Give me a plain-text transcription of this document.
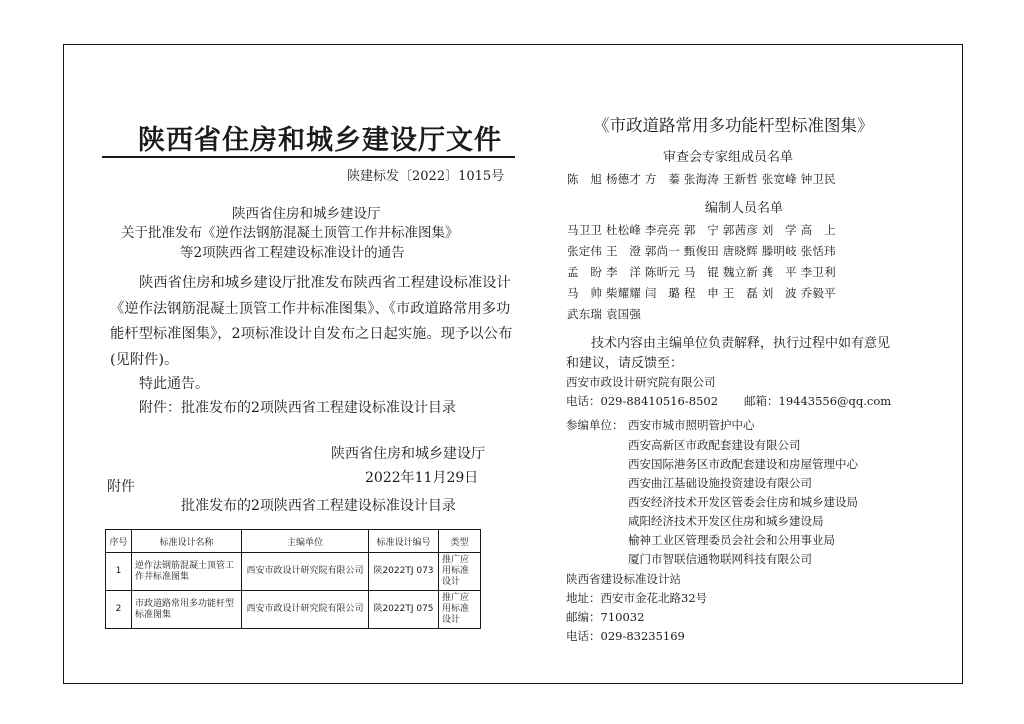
陕西省住房和城乡建设厅文件
陕建标发〔2022〕1015号
陕西省住房和城乡建设厅
关于批准发布《逆作法钢筋混凝土顶管工作井标准图集》
等2项陕西省工程建设标准设计的通告
陕西省住房和城乡建设厅批准发布陕西省工程建设标准设计《逆作法钢筋混凝土顶管工作井标准图集》、《市政道路常用多功能杆型标准图集》，2项标准设计自发布之日起实施。现予以公布(见附件)。
特此通告。
附件：批准发布的2项陕西省工程建设标准设计目录
陕西省住房和城乡建设厅
2022年11月29日
附件
批准发布的2项陕西省工程建设标准设计目录
序号	标准设计名称	主编单位	标准设计编号	类型
1	逆作法钢筋混凝土顶管工作井标准图集	西安市政设计研究院有限公司	陕2022TJ 073	推广应用标准设计
2	市政道路常用多功能杆型标准图集	西安市政设计研究院有限公司	陕2022TJ 075	推广应用标准设计
《市政道路常用多功能杆型标准图集》
审查会专家组成员名单
陈　旭 杨德才 方　蓁 张海涛 王新哲 张宽峰 钟卫民
编制人员名单
马卫卫 杜松峰 李亮亮 郭　宁 郭茜彦 刘　学 高　上
张定伟 王　澄 郭尚一 甄俊田 唐晓辉 滕明岐 张恬玮
孟　盼 李　洋 陈昕元 马　锟 魏立新 龚　平 李卫利
马　帅 柴耀耀 闫　璐 程　申 王　磊 刘　波 乔毅平
武东瑞 袁国强
技术内容由主编单位负责解释，执行过程中如有意见
和建议，请反馈至：
西安市政设计研究院有限公司
电话：029-88410516-8502 邮箱：19443556@qq.com
参编单位： 西安市城市照明管护中心
西安高新区市政配套建设有限公司
西安国际港务区市政配套建设和房屋管理中心
西安曲江基础设施投资建设有限公司
西安经济技术开发区管委会住房和城乡建设局
咸阳经济技术开发区住房和城乡建设局
榆神工业区管理委员会社会和公用事业局
厦门市智联信通物联网科技有限公司
陕西省建设标准设计站
地址：西安市金花北路32号
邮编：710032
电话：029-83235169
